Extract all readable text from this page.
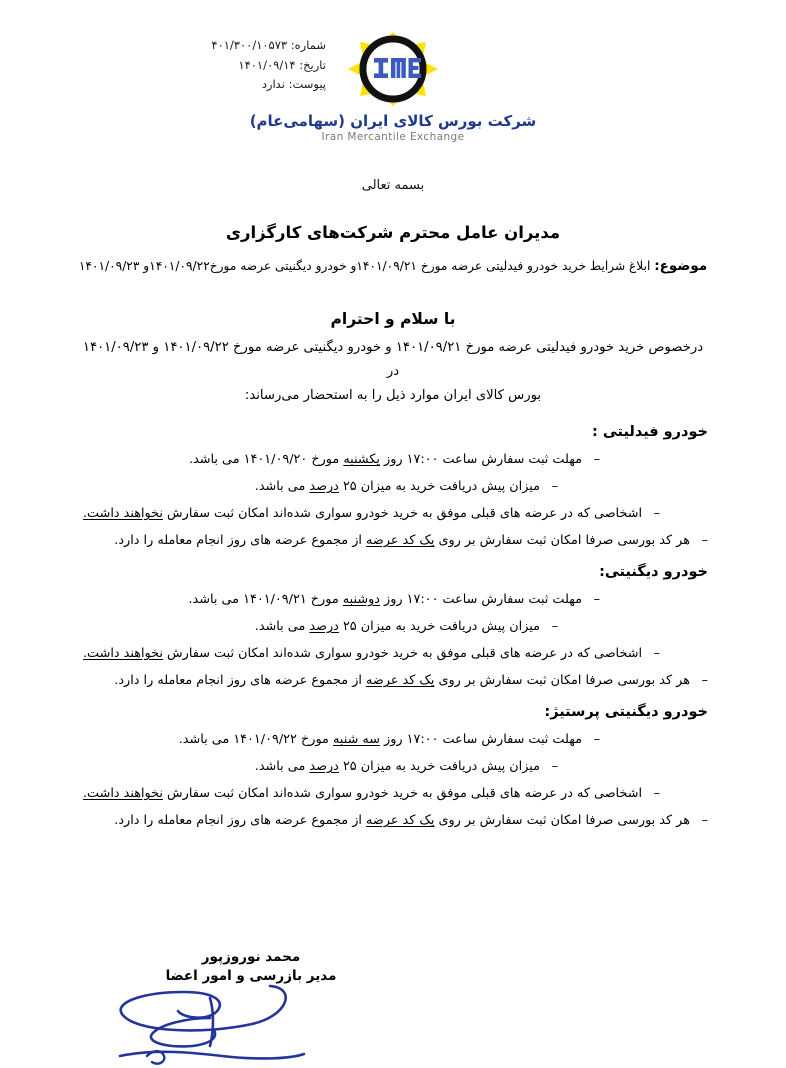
شماره: ۴۰۱/۳۰۰/۱۰۵۷۳
تاریخ: ۱۴۰۱/۰۹/۱۴
پیوست: ندارد
شرکت بورس کالای ایران (سهامی‌عام)
Iran Mercantile Exchange
بسمه تعالی
مدیران عامل محترم شرکت‌های کارگزاری
موضوع: ابلاغ شرایط خرید خودرو فیدلیتی عرضه مورخ ۱۴۰۱/۰۹/۲۱و خودرو دیگنیتی عرضه مورخ۱۴۰۱/۰۹/۲۲و ۱۴۰۱/۰۹/۲۳
با سلام و احترام
درخصوص خرید خودرو فیدلیتی عرضه مورخ ۱۴۰۱/۰۹/۲۱ و خودرو دیگنیتی عرضه مورخ ۱۴۰۱/۰۹/۲۲ و ۱۴۰۱/۰۹/۲۳ در
بورس کالای ایران موارد ذیل را به استحضار می‌رساند:
خودرو فیدلیتی :
–مهلت ثبت سفارش ساعت ۱۷:۰۰ روز یکشنبه مورخ ۱۴۰۱/۰۹/۲۰ می باشد.
–میزان پیش دریافت خرید به میزان ۲۵ درصد می باشد.
–اشخاصی که در عرضه های قبلی موفق به خرید خودرو سواری شده‌اند امکان ثبت سفارش نخواهند داشت.
–هر کد بورسی صرفا امکان ثبت سفارش بر روی یک کد عرضه از مجموع عرضه های روز انجام معامله را دارد.
خودرو دیگنیتی:
–مهلت ثبت سفارش ساعت ۱۷:۰۰ روز دوشنبه مورخ ۱۴۰۱/۰۹/۲۱ می باشد.
–میزان پیش دریافت خرید به میزان ۲۵ درصد می باشد.
–اشخاصی که در عرضه های قبلی موفق به خرید خودرو سواری شده‌اند امکان ثبت سفارش نخواهند داشت.
–هر کد بورسی صرفا امکان ثبت سفارش بر روی یک کد عرضه از مجموع عرضه های روز انجام معامله را دارد.
خودرو دیگنیتی پرستیژ:
–مهلت ثبت سفارش ساعت ۱۷:۰۰ روز سه شنبه مورخ ۱۴۰۱/۰۹/۲۲ می باشد.
–میزان پیش دریافت خرید به میزان ۲۵ درصد می باشد.
–اشخاصی که در عرضه های قبلی موفق به خرید خودرو سواری شده‌اند امکان ثبت سفارش نخواهند داشت.
–هر کد بورسی صرفا امکان ثبت سفارش بر روی یک کد عرضه از مجموع عرضه های روز انجام معامله را دارد.
محمد نوروزپور
مدیر بازرسی و امور اعضا
